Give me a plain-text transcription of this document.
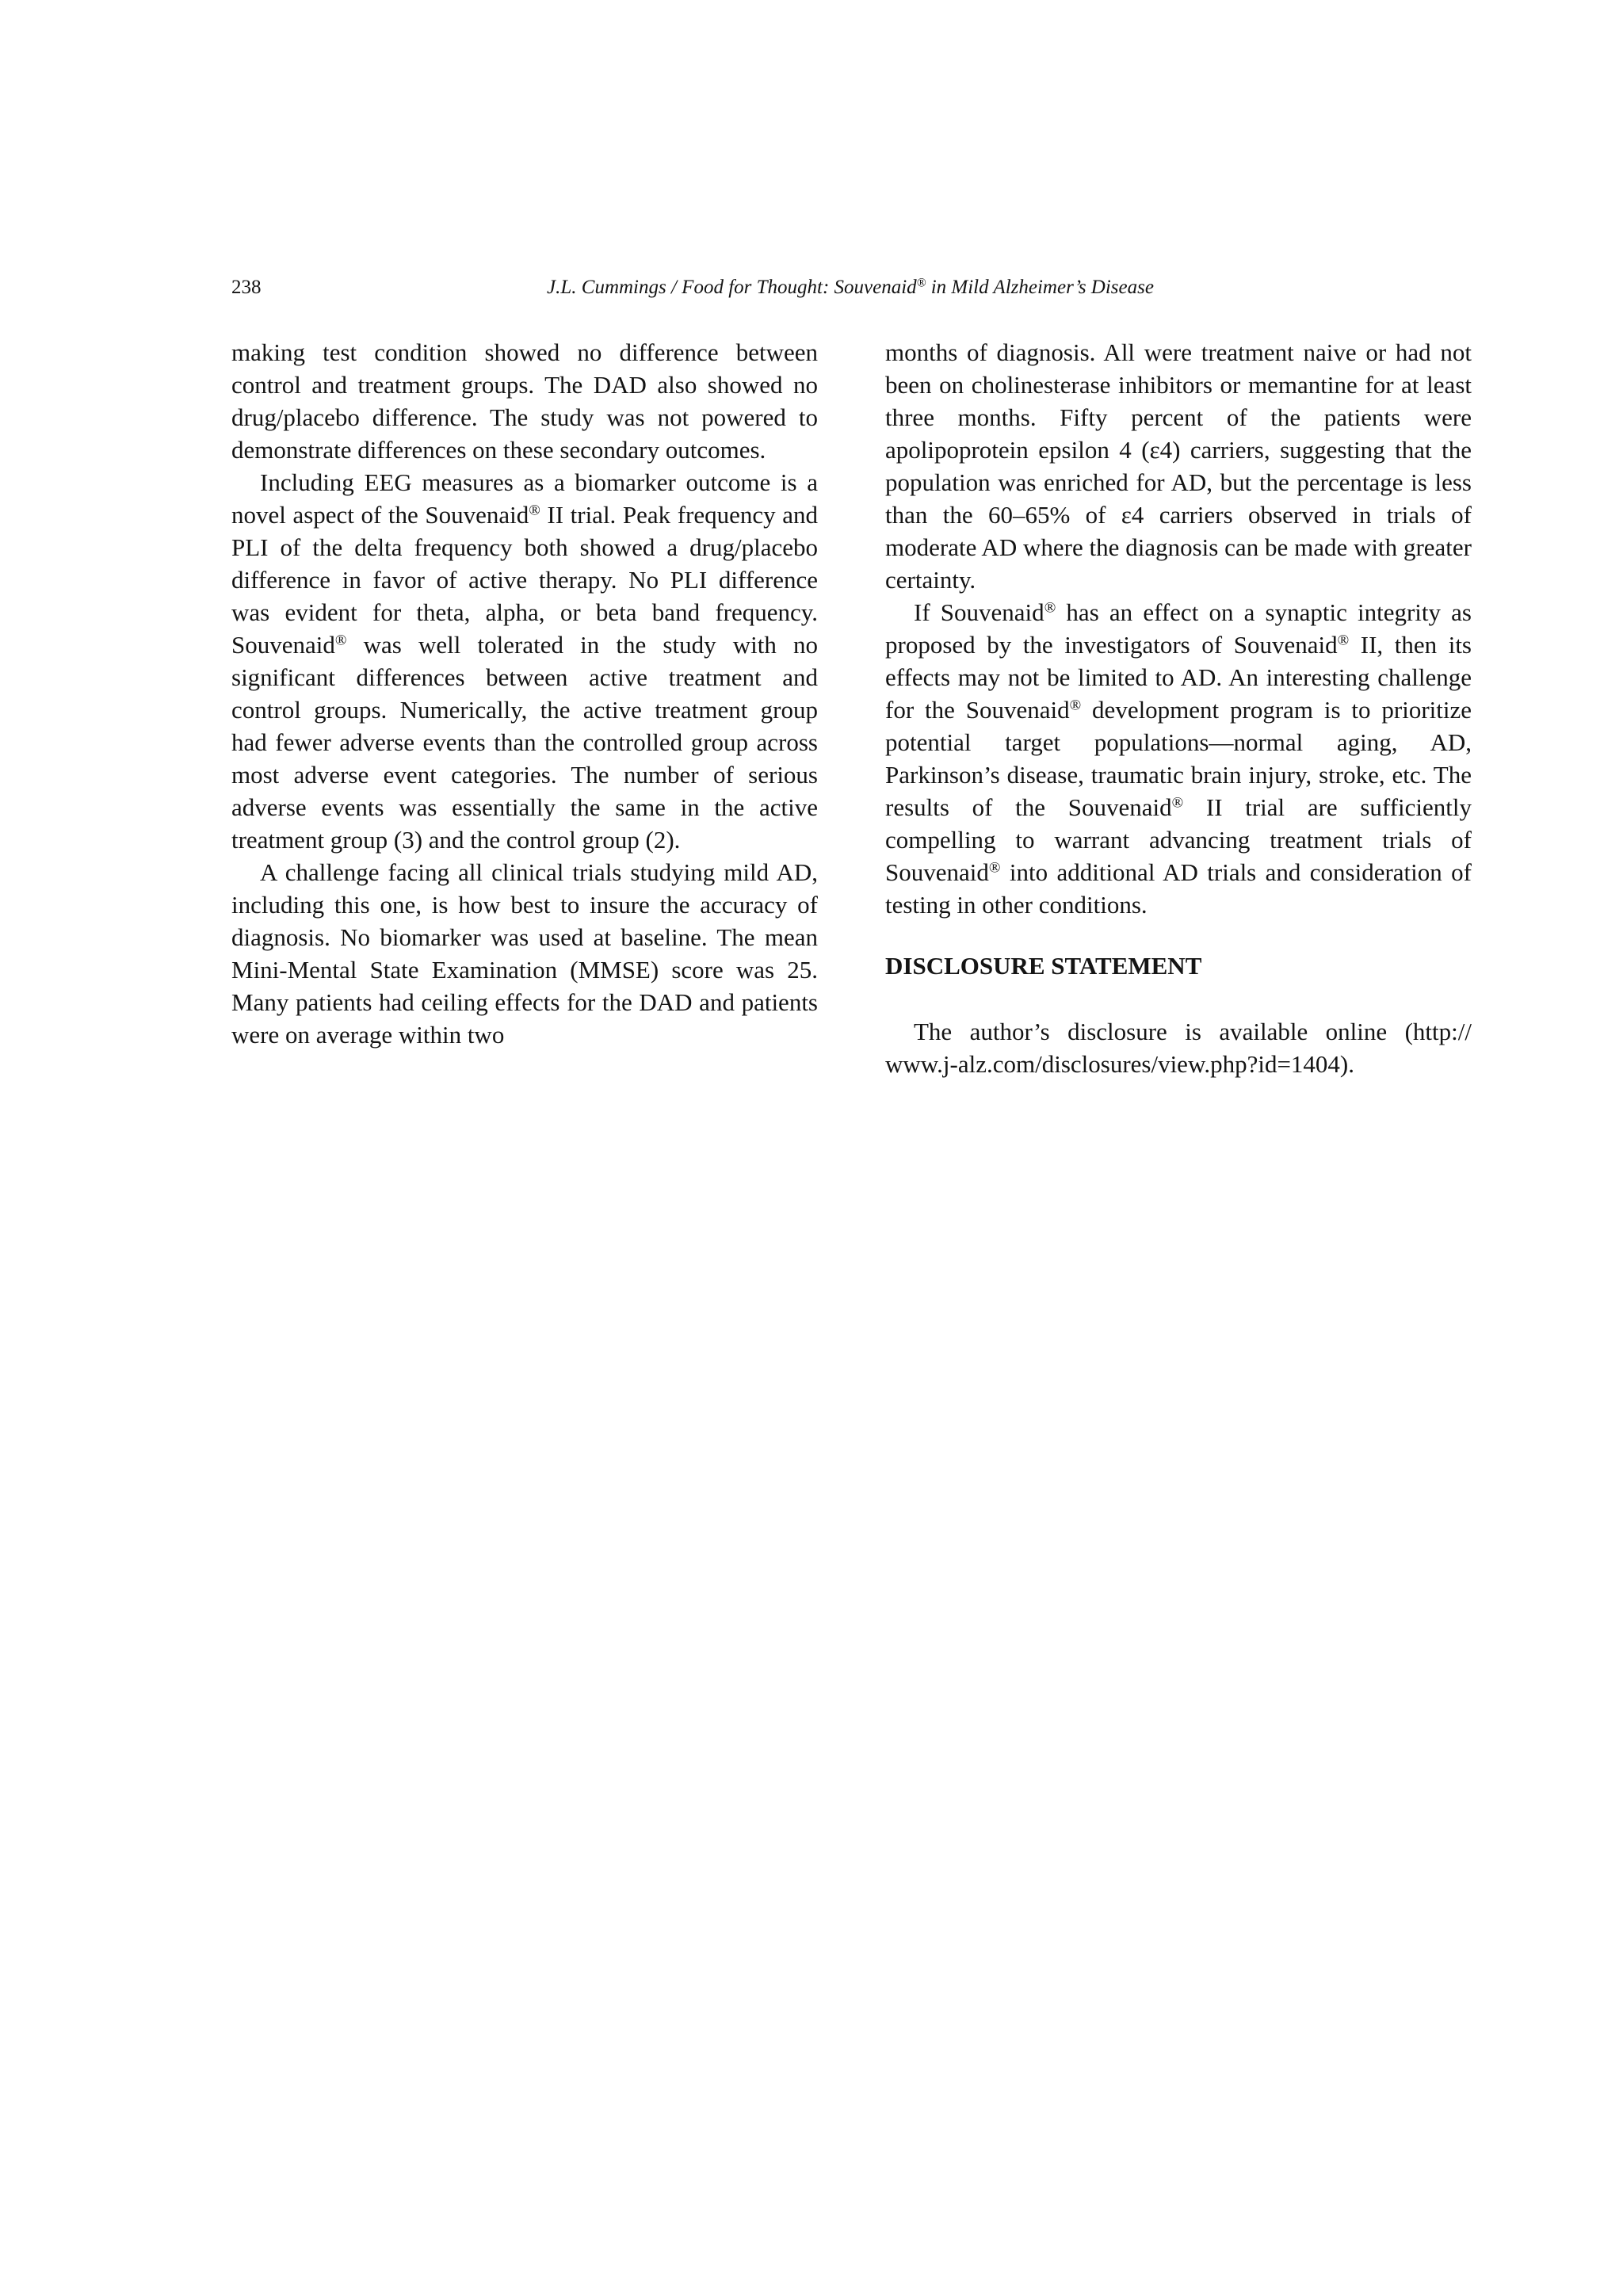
238	J.L. Cummings / Food for Thought: Souvenaid® in Mild Alzheimer’s Disease

making test condition showed no difference between control and treatment groups. The DAD also showed no drug/placebo difference. The study was not powered to demonstrate differences on these secondary outcomes.

Including EEG measures as a biomarker outcome is a novel aspect of the Souvenaid® II trial. Peak frequency and PLI of the delta frequency both showed a drug/placebo difference in favor of active therapy. No PLI difference was evident for theta, alpha, or beta band frequency. Souvenaid® was well tolerated in the study with no significant differences between active treatment and control groups. Numerically, the active treatment group had fewer adverse events than the controlled group across most adverse event categories. The number of serious adverse events was essentially the same in the active treatment group (3) and the control group (2).

A challenge facing all clinical trials studying mild AD, including this one, is how best to insure the accuracy of diagnosis. No biomarker was used at baseline. The mean Mini-Mental State Examination (MMSE) score was 25. Many patients had ceiling effects for the DAD and patients were on average within two

months of diagnosis. All were treatment naive or had not been on cholinesterase inhibitors or memantine for at least three months. Fifty percent of the patients were apolipoprotein epsilon 4 (ε4) carriers, suggesting that the population was enriched for AD, but the percentage is less than the 60–65% of ε4 carriers observed in trials of moderate AD where the diagnosis can be made with greater certainty.

If Souvenaid® has an effect on a synaptic integrity as proposed by the investigators of Souvenaid® II, then its effects may not be limited to AD. An interesting challenge for the Souvenaid® development program is to prioritize potential target populations—normal aging, AD, Parkinson’s disease, traumatic brain injury, stroke, etc. The results of the Souvenaid® II trial are sufficiently compelling to warrant advancing treatment trials of Souvenaid® into additional AD trials and consideration of testing in other conditions.

DISCLOSURE STATEMENT

The author’s disclosure is available online (http:// www.j-alz.com/disclosures/view.php?id=1404).
